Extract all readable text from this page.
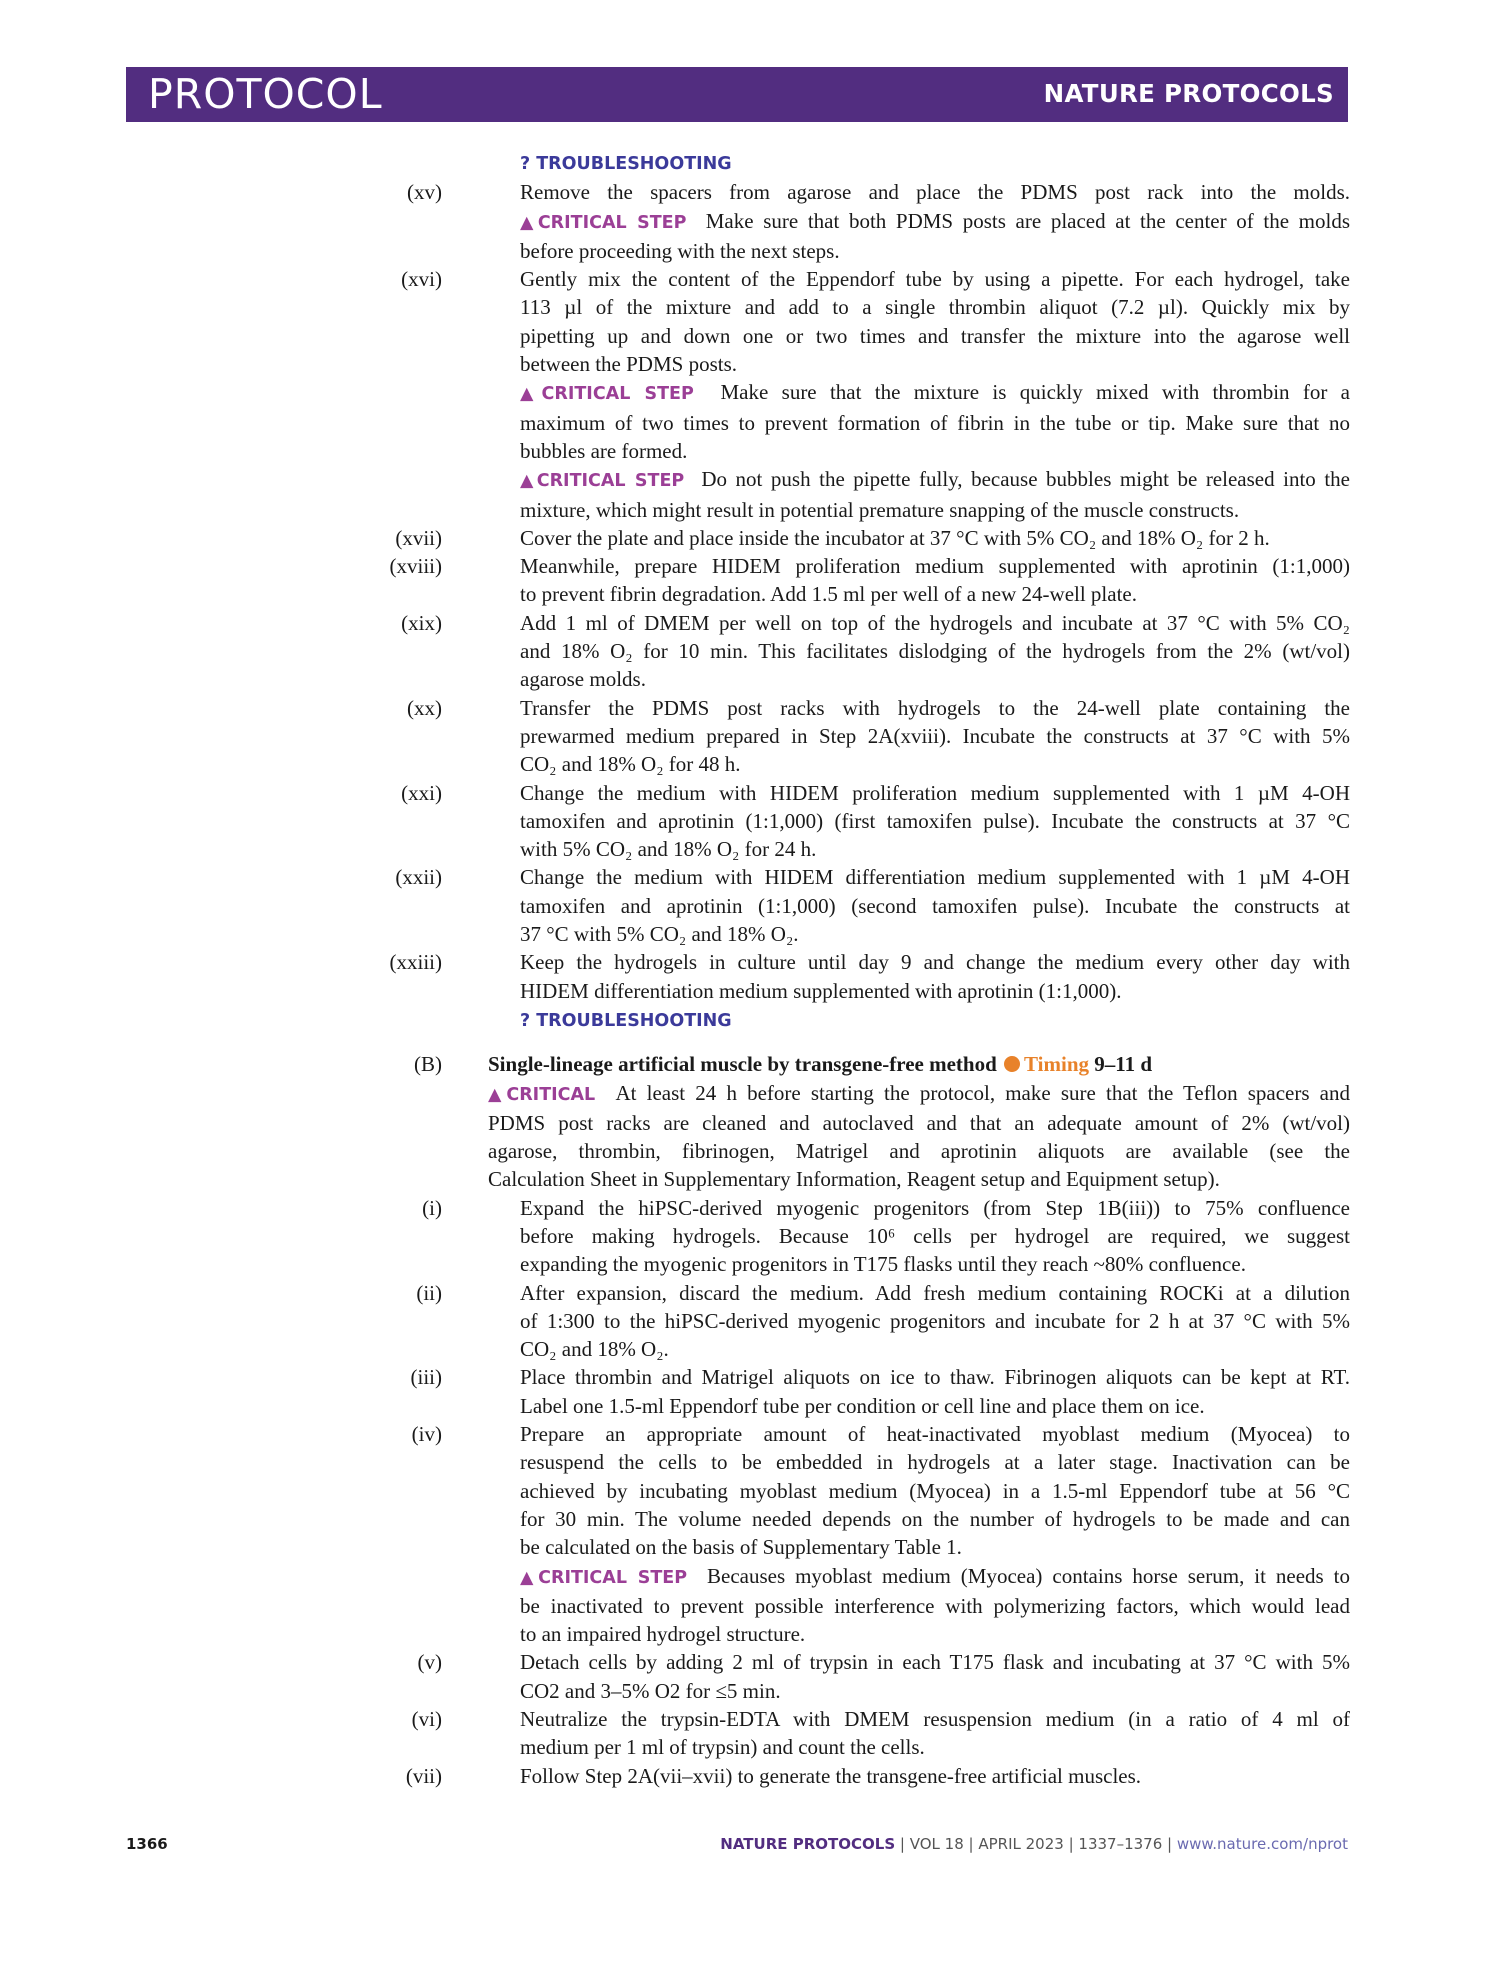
PROTOCOL	NATURE PROTOCOLS
? TROUBLESHOOTING
(xv)	Remove the spacers from agarose and place the PDMS post rack into the molds.
▲CRITICAL STEP Make sure that both PDMS posts are placed at the center of the molds
before proceeding with the next steps.
(xvi)	Gently mix the content of the Eppendorf tube by using a pipette. For each hydrogel, take
113 µl of the mixture and add to a single thrombin aliquot (7.2 µl). Quickly mix by
pipetting up and down one or two times and transfer the mixture into the agarose well
between the PDMS posts.
▲CRITICAL STEP Make sure that the mixture is quickly mixed with thrombin for a
maximum of two times to prevent formation of fibrin in the tube or tip. Make sure that no
bubbles are formed.
▲CRITICAL STEP Do not push the pipette fully, because bubbles might be released into the
mixture, which might result in potential premature snapping of the muscle constructs.
(xvii)	Cover the plate and place inside the incubator at 37 °C with 5% CO₂ and 18% O₂ for 2 h.
(xviii)	Meanwhile, prepare HIDEM proliferation medium supplemented with aprotinin (1:1,000)
to prevent fibrin degradation. Add 1.5 ml per well of a new 24-well plate.
(xix)	Add 1 ml of DMEM per well on top of the hydrogels and incubate at 37 °C with 5% CO₂
and 18% O₂ for 10 min. This facilitates dislodging of the hydrogels from the 2% (wt/vol)
agarose molds.
(xx)	Transfer the PDMS post racks with hydrogels to the 24-well plate containing the
prewarmed medium prepared in Step 2A(xviii). Incubate the constructs at 37 °C with 5%
CO₂ and 18% O₂ for 48 h.
(xxi)	Change the medium with HIDEM proliferation medium supplemented with 1 µM 4-OH
tamoxifen and aprotinin (1:1,000) (first tamoxifen pulse). Incubate the constructs at 37 °C
with 5% CO₂ and 18% O₂ for 24 h.
(xxii)	Change the medium with HIDEM differentiation medium supplemented with 1 µM 4-OH
tamoxifen and aprotinin (1:1,000) (second tamoxifen pulse). Incubate the constructs at
37 °C with 5% CO₂ and 18% O₂.
(xxiii)	Keep the hydrogels in culture until day 9 and change the medium every other day with
HIDEM differentiation medium supplemented with aprotinin (1:1,000).
? TROUBLESHOOTING
(B) Single-lineage artificial muscle by transgene-free method Timing 9–11 d
▲CRITICAL At least 24 h before starting the protocol, make sure that the Teflon spacers and
PDMS post racks are cleaned and autoclaved and that an adequate amount of 2% (wt/vol)
agarose, thrombin, fibrinogen, Matrigel and aprotinin aliquots are available (see the
Calculation Sheet in Supplementary Information, Reagent setup and Equipment setup).
(i)	Expand the hiPSC-derived myogenic progenitors (from Step 1B(iii)) to 75% confluence
before making hydrogels. Because 10⁶ cells per hydrogel are required, we suggest
expanding the myogenic progenitors in T175 flasks until they reach ~80% confluence.
(ii)	After expansion, discard the medium. Add fresh medium containing ROCKi at a dilution
of 1:300 to the hiPSC-derived myogenic progenitors and incubate for 2 h at 37 °C with 5%
CO₂ and 18% O₂.
(iii)	Place thrombin and Matrigel aliquots on ice to thaw. Fibrinogen aliquots can be kept at RT.
Label one 1.5-ml Eppendorf tube per condition or cell line and place them on ice.
(iv)	Prepare an appropriate amount of heat-inactivated myoblast medium (Myocea) to
resuspend the cells to be embedded in hydrogels at a later stage. Inactivation can be
achieved by incubating myoblast medium (Myocea) in a 1.5-ml Eppendorf tube at 56 °C
for 30 min. The volume needed depends on the number of hydrogels to be made and can
be calculated on the basis of Supplementary Table 1.
▲CRITICAL STEP Becauses myoblast medium (Myocea) contains horse serum, it needs to
be inactivated to prevent possible interference with polymerizing factors, which would lead
to an impaired hydrogel structure.
(v)	Detach cells by adding 2 ml of trypsin in each T175 flask and incubating at 37 °C with 5%
CO2 and 3–5% O2 for ≤5 min.
(vi)	Neutralize the trypsin-EDTA with DMEM resuspension medium (in a ratio of 4 ml of
medium per 1 ml of trypsin) and count the cells.
(vii)	Follow Step 2A(vii–xvii) to generate the transgene-free artificial muscles.
1366	NATURE PROTOCOLS | VOL 18 | APRIL 2023 | 1337–1376 | www.nature.com/nprot
